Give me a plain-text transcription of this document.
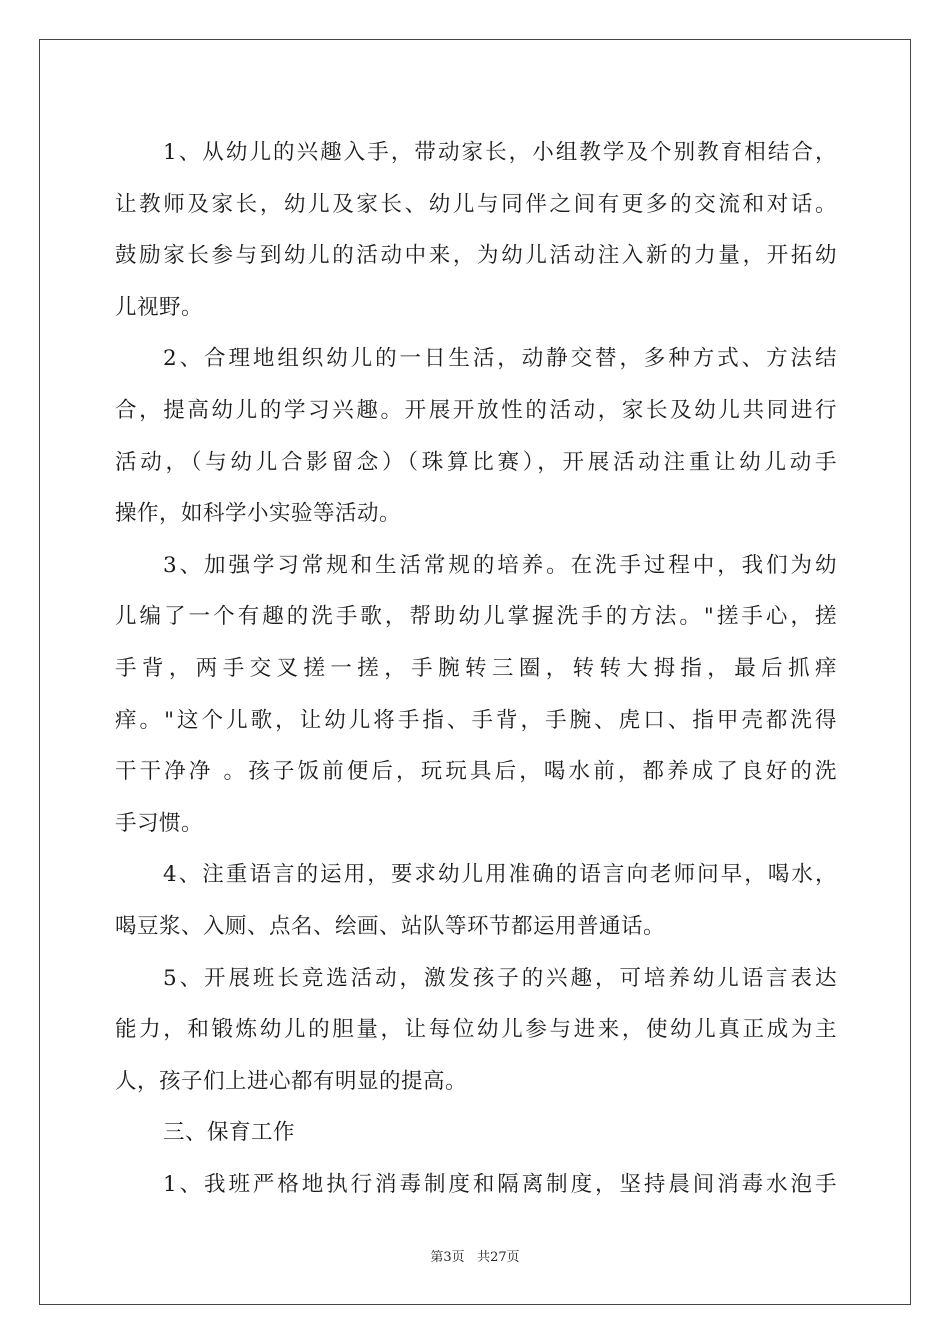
1、从幼儿的兴趣入手，带动家长，小组教学及个别教育相结合，
让教师及家长，幼儿及家长、幼儿与同伴之间有更多的交流和对话。
鼓励家长参与到幼儿的活动中来，为幼儿活动注入新的力量，开拓幼
儿视野。
2、合理地组织幼儿的一日生活，动静交替，多种方式、方法结
合，提高幼儿的学习兴趣。开展开放性的活动，家长及幼儿共同进行
活动，（与幼儿合影留念）（珠算比赛），开展活动注重让幼儿动手
操作，如科学小实验等活动。
3、加强学习常规和生活常规的培养。在洗手过程中，我们为幼
儿编了一个有趣的洗手歌，帮助幼儿掌握洗手的方法。"搓手心，搓
手背，两手交叉搓一搓，手腕转三圈，转转大拇指，最后抓痒
痒。"这个儿歌，让幼儿将手指、手背，手腕、虎口、指甲壳都洗得
干干净净 。孩子饭前便后，玩玩具后，喝水前，都养成了良好的洗
手习惯。
4、注重语言的运用，要求幼儿用准确的语言向老师问早，喝水，
喝豆浆、入厕、点名、绘画、站队等环节都运用普通话。
5、开展班长竞选活动，激发孩子的兴趣，可培养幼儿语言表达
能力，和锻炼幼儿的胆量，让每位幼儿参与进来，使幼儿真正成为主
人，孩子们上进心都有明显的提高。
三、保育工作
1、我班严格地执行消毒制度和隔离制度，坚持晨间消毒水泡手
第3页 共27页
